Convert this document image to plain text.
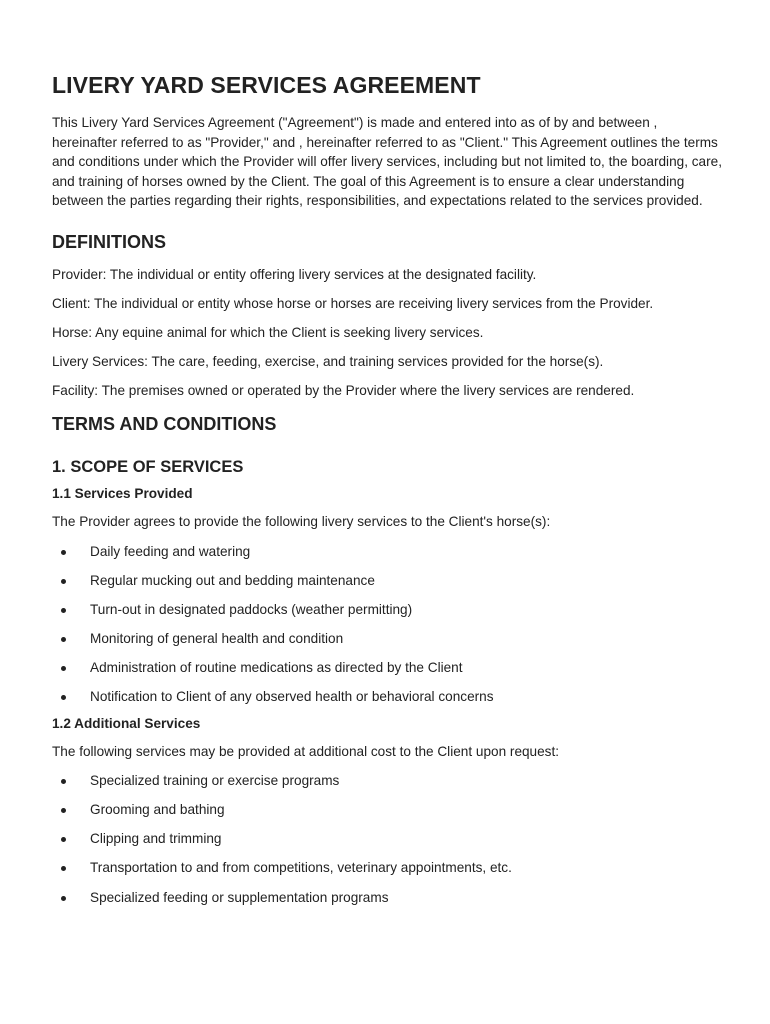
LIVERY YARD SERVICES AGREEMENT

This Livery Yard Services Agreement ("Agreement") is made and entered into as of by and between , hereinafter referred to as "Provider," and , hereinafter referred to as "Client." This Agreement outlines the terms and conditions under which the Provider will offer livery services, including but not limited to, the boarding, care, and training of horses owned by the Client. The goal of this Agreement is to ensure a clear understanding between the parties regarding their rights, responsibilities, and expectations related to the services provided.

DEFINITIONS

Provider: The individual or entity offering livery services at the designated facility.

Client: The individual or entity whose horse or horses are receiving livery services from the Provider.

Horse: Any equine animal for which the Client is seeking livery services.

Livery Services: The care, feeding, exercise, and training services provided for the horse(s).

Facility: The premises owned or operated by the Provider where the livery services are rendered.

TERMS AND CONDITIONS
1. SCOPE OF SERVICES
1.1 Services Provided

The Provider agrees to provide the following livery services to the Client's horse(s):

Daily feeding and watering
Regular mucking out and bedding maintenance
Turn-out in designated paddocks (weather permitting)
Monitoring of general health and condition
Administration of routine medications as directed by the Client
Notification to Client of any observed health or behavioral concerns
1.2 Additional Services

The following services may be provided at additional cost to the Client upon request:

Specialized training or exercise programs
Grooming and bathing
Clipping and trimming
Transportation to and from competitions, veterinary appointments, etc.
Specialized feeding or supplementation programs
